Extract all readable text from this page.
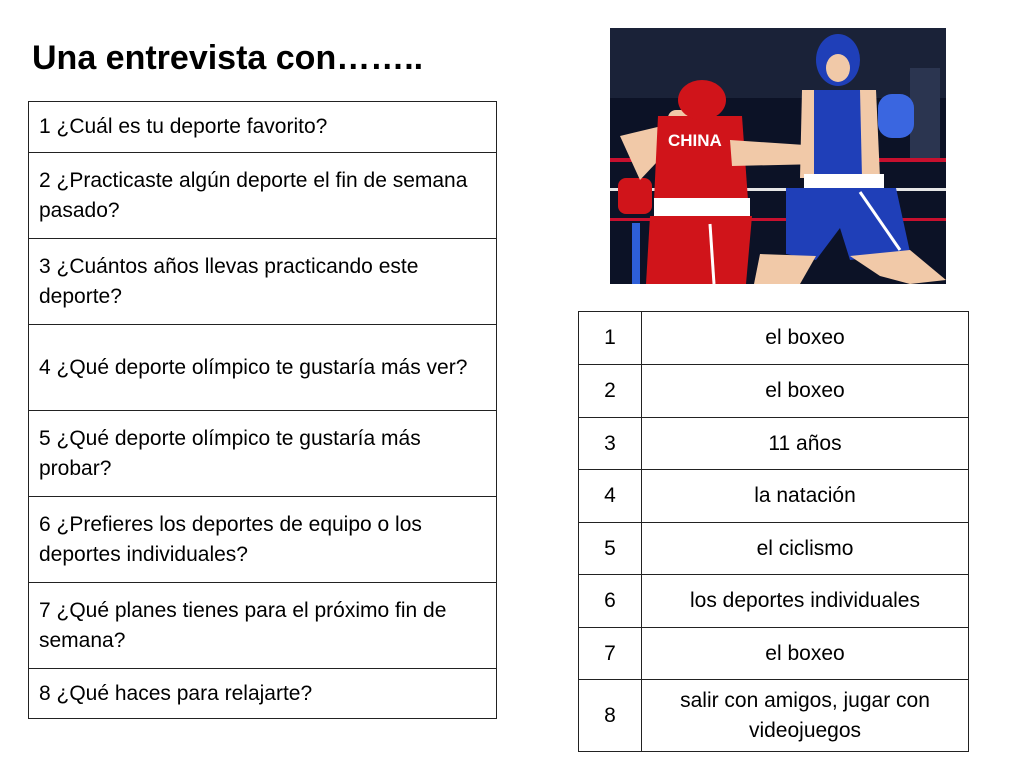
Una entrevista con……..
1 ¿Cuál es tu deporte favorito?
2 ¿Practicaste algún deporte el fin de semana pasado?
3 ¿Cuántos años llevas practicando este deporte?
4 ¿Qué deporte olímpico te gustaría más ver?
5 ¿Qué deporte olímpico te gustaría más probar?
6 ¿Prefieres los deportes de equipo o los deportes individuales?
7 ¿Qué planes tienes para el próximo fin de semana?
8 ¿Qué haces para relajarte?
CHINA
1	el boxeo
2	el boxeo
3	11 años
4	la natación
5	el ciclismo
6	los deportes individuales
7	el boxeo
8	salir con amigos, jugar con videojuegos
